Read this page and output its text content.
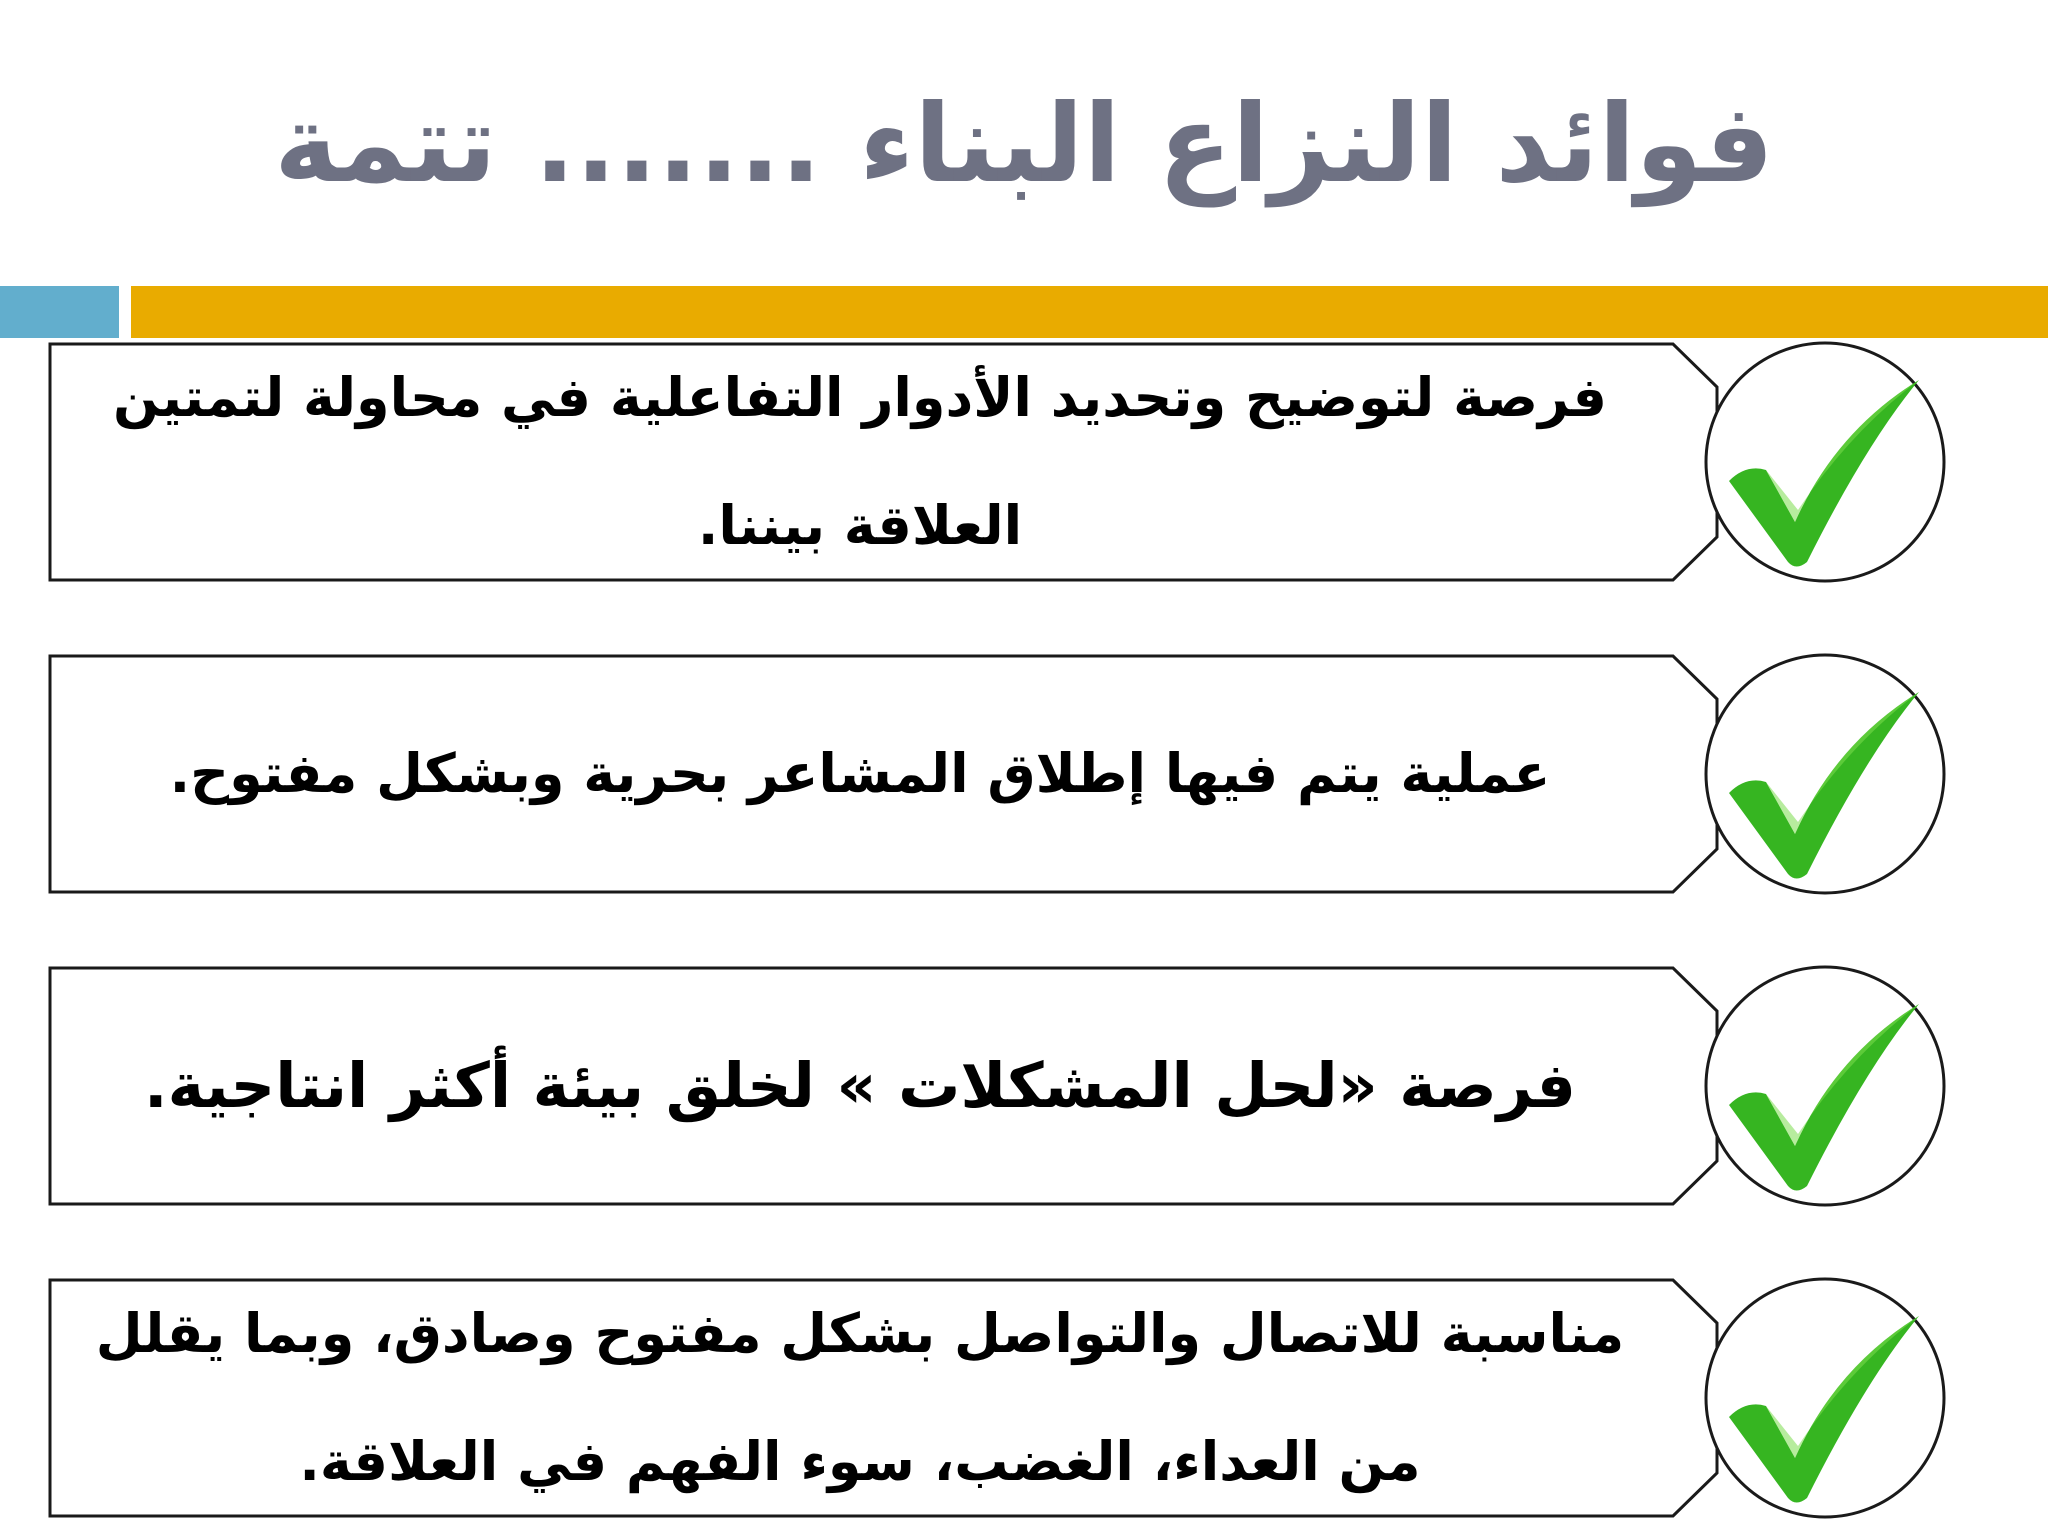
فوائد النزاع البناء ....... تتمة
فرصة لتوضيح وتحديد الأدوار التفاعلية في محاولة لتمتين العلاقة بيننا.
عملية يتم فيها إطلاق المشاعر بحرية وبشكل مفتوح.
فرصة «لحل المشكلات » لخلق بيئة أكثر انتاجية.
مناسبة للاتصال والتواصل بشكل مفتوح وصادق، وبما يقلل من العداء، الغضب، سوء الفهم في العلاقة.
